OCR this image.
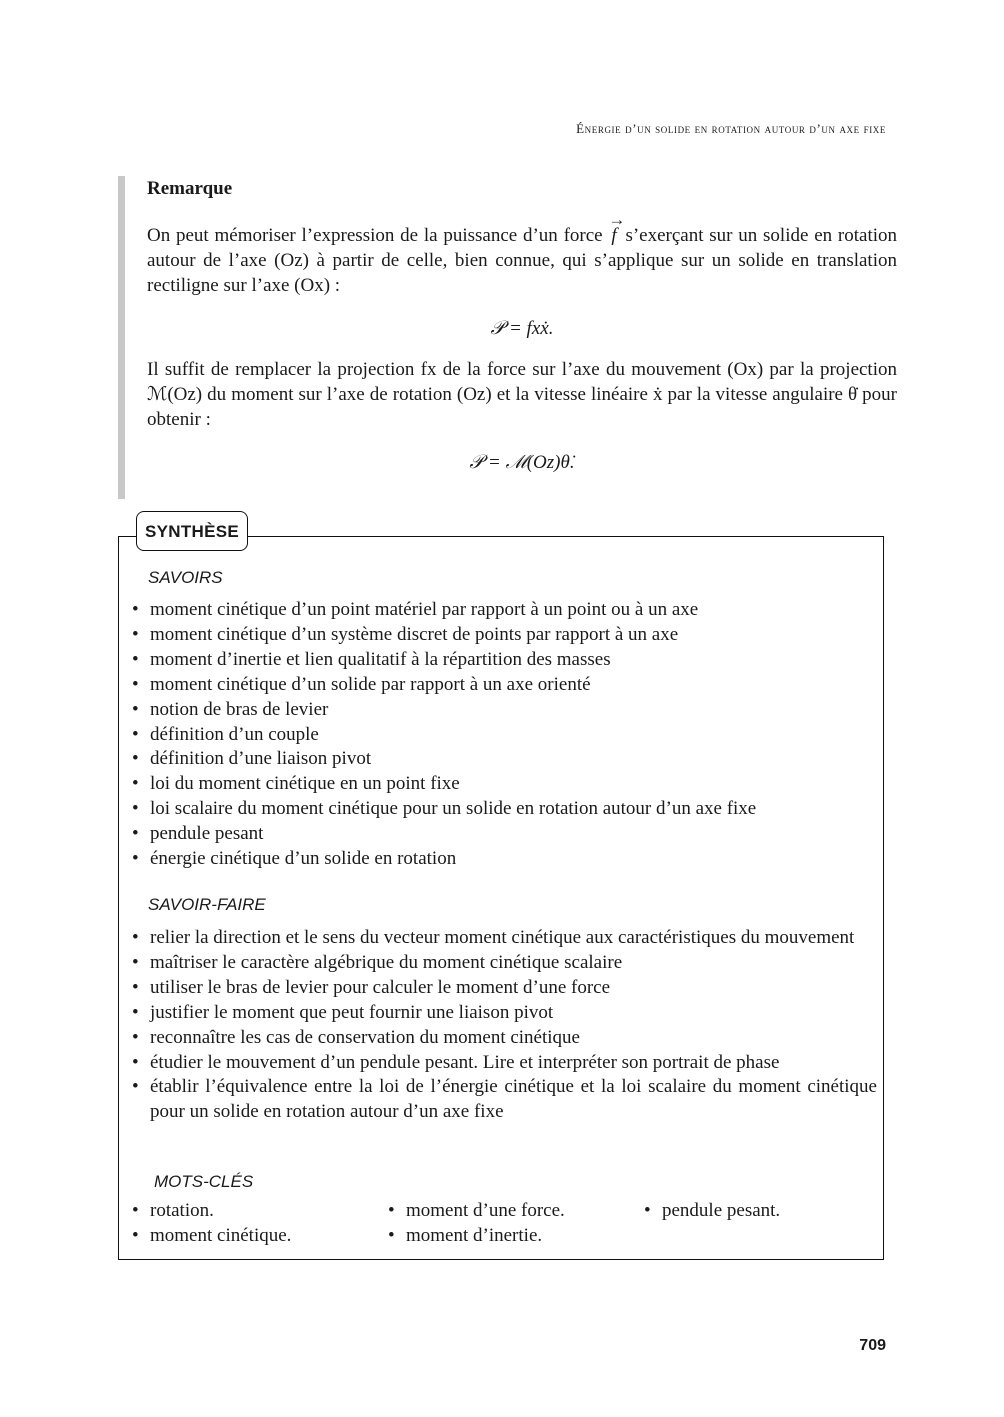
Énergie d’un solide en rotation autour d’un axe fixe
Remarque

On peut mémoriser l’expression de la puissance d’un force → f s’exerçant sur un solide en rotation autour de l’axe (Oz) à partir de celle, bien connue, qui s’applique sur un solide en translation rectiligne sur l’axe (Ox) :

𝒫 = fxẋ.

Il suffit de remplacer la projection fx de la force sur l’axe du mouvement (Ox) par la projection ℳ(Oz) du moment sur l’axe de rotation (Oz) et la vitesse linéaire ẋ par la vitesse angulaire θ̇ pour obtenir :

𝒫 = ℳ(Oz)θ̇.
SYNTHÈSE
SAVOIRS
• moment cinétique d’un point matériel par rapport à un point ou à un axe
• moment cinétique d’un système discret de points par rapport à un axe
• moment d’inertie et lien qualitatif à la répartition des masses
• moment cinétique d’un solide par rapport à un axe orienté
• notion de bras de levier
• définition d’un couple
• définition d’une liaison pivot
• loi du moment cinétique en un point fixe
• loi scalaire du moment cinétique pour un solide en rotation autour d’un axe fixe
• pendule pesant
• énergie cinétique d’un solide en rotation
SAVOIR-FAIRE
• relier la direction et le sens du vecteur moment cinétique aux caractéristiques du mouvement
• maîtriser le caractère algébrique du moment cinétique scalaire
• utiliser le bras de levier pour calculer le moment d’une force
• justifier le moment que peut fournir une liaison pivot
• reconnaître les cas de conservation du moment cinétique
• étudier le mouvement d’un pendule pesant. Lire et interpréter son portrait de phase
• établir l’équivalence entre la loi de l’énergie cinétique et la loi scalaire du moment cinétique pour un solide en rotation autour d’un axe fixe
MOTS-CLÉS
• rotation.
• moment cinétique.
• moment d’une force.
• moment d’inertie.
• pendule pesant.
709
